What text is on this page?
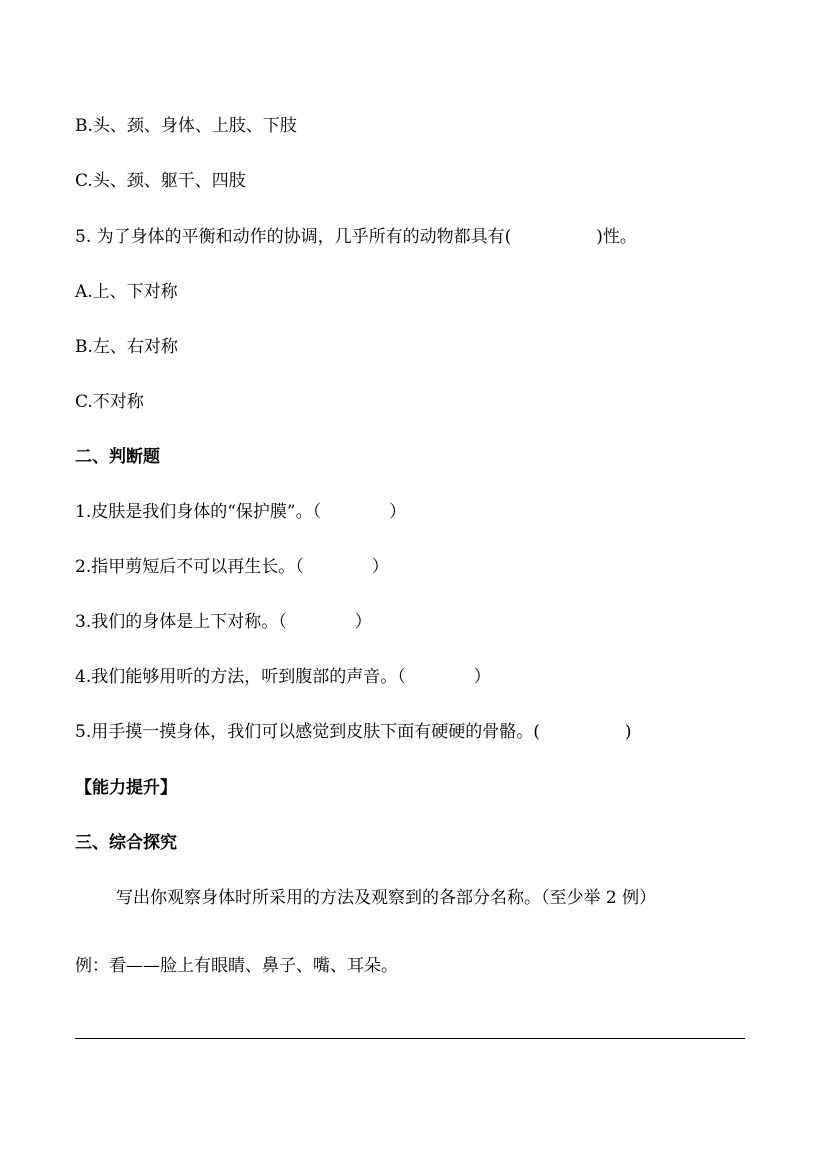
B.头、颈、身体、上肢、下肢

C.头、颈、躯干、四肢

5. 为了身体的平衡和动作的协调，几乎所有的动物都具有(　　　　　)性。

A.上、下对称

B.左、右对称

C.不对称

二、判断题

1.皮肤是我们身体的“保护膜”。（　　　　）

2.指甲剪短后不可以再生长。（　　　　）

3.我们的身体是上下对称。（　　　　）

4.我们能够用听的方法，听到腹部的声音。（　　　　）

5.用手摸一摸身体，我们可以感觉到皮肤下面有硬硬的骨骼。(　　　　　)

【能力提升】

三、综合探究

写出你观察身体时所采用的方法及观察到的各部分名称。（至少举 2 例）

例：看——脸上有眼睛、鼻子、嘴、耳朵。
